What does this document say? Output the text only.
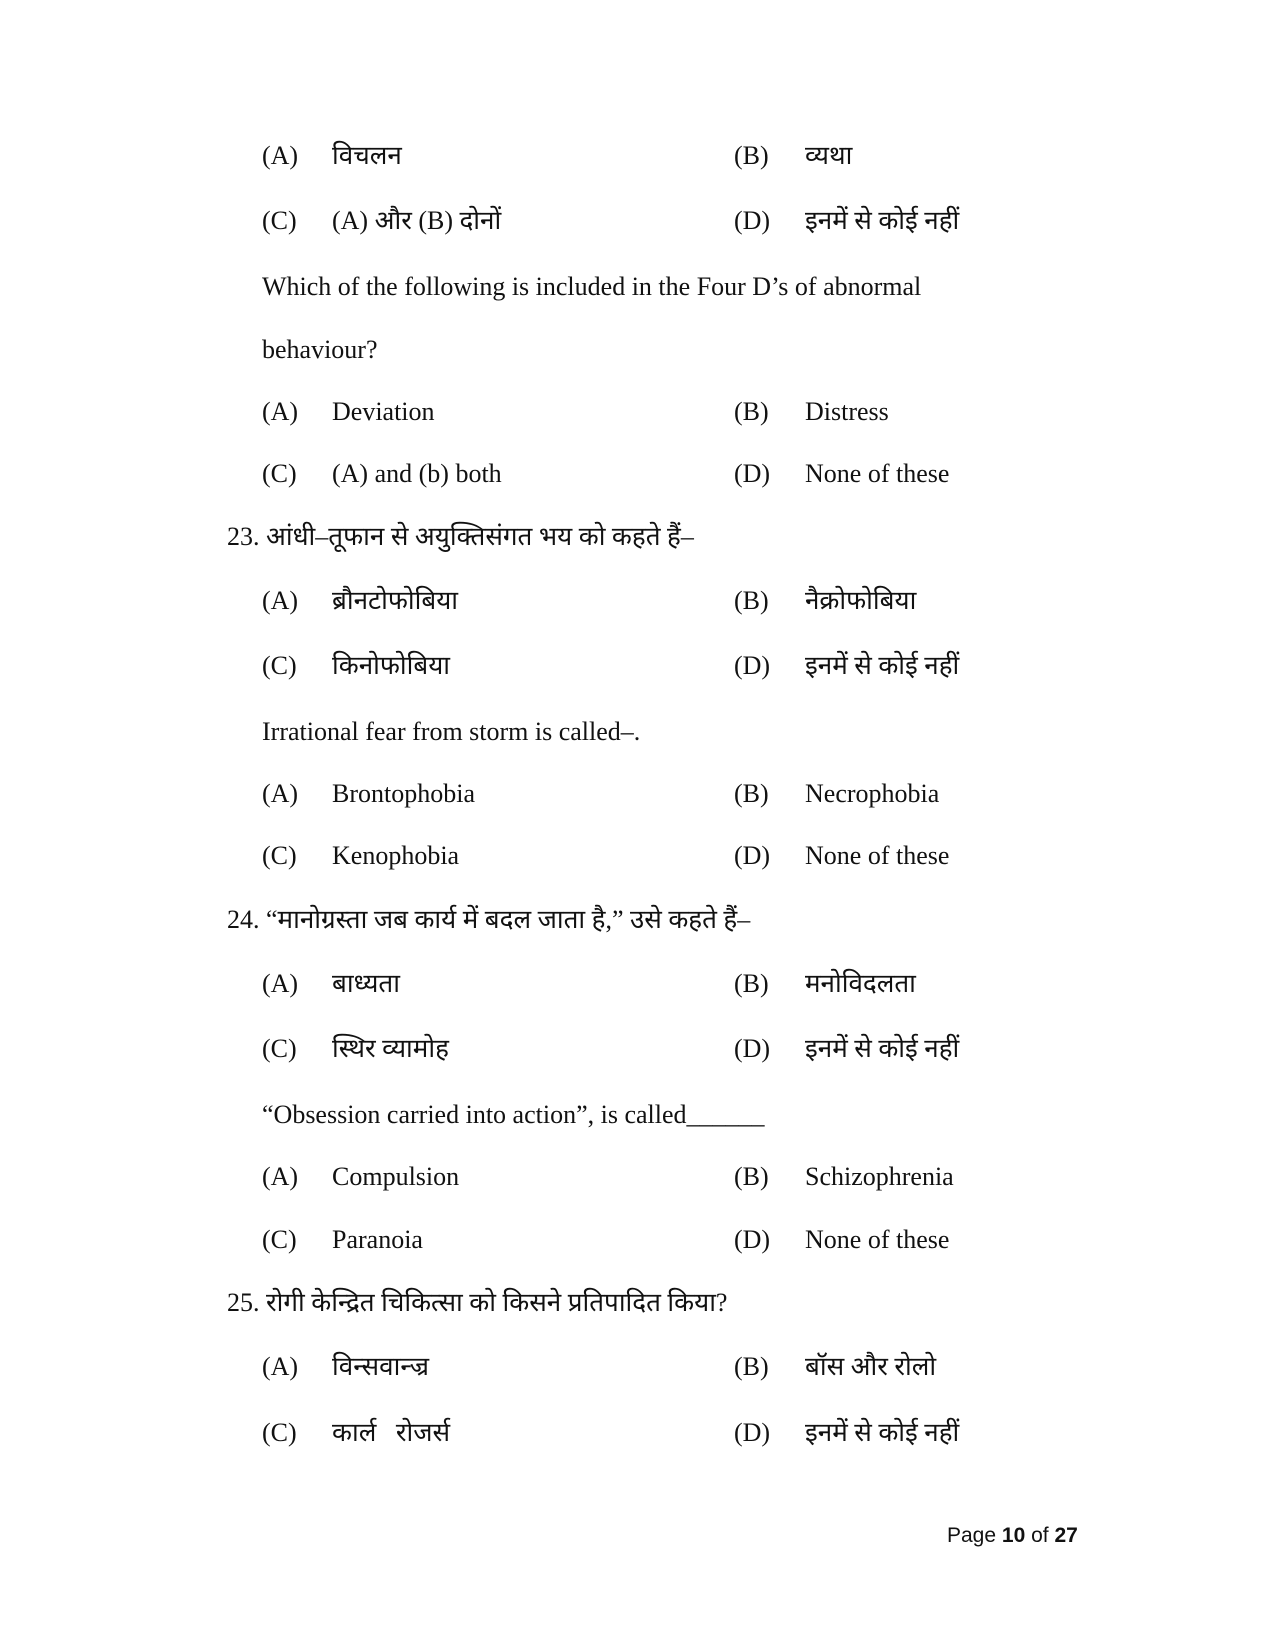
(A) विचलन	(B) व्यथा
(C) (A) और (B) दोनों	(D) इनमें से कोई नहीं
Which of the following is included in the Four D’s of abnormal
behaviour?
(A) Deviation	(B) Distress
(C) (A) and (b) both	(D) None of these
23. आंधी–तूफान से अयुक्तिसंगत भय को कहते हैं–
(A) ब्रौनटोफोबिया	(B) नैक्रोफोबिया
(C) किनोफोबिया	(D) इनमें से कोई नहीं
Irrational fear from storm is called–.
(A) Brontophobia	(B) Necrophobia
(C) Kenophobia	(D) None of these
24. “मानोग्रस्ता जब कार्य में बदल जाता है,” उसे कहते हैं–
(A) बाध्यता	(B) मनोविदलता
(C) स्थिर व्यामोह	(D) इनमें से कोई नहीं
“Obsession carried into action”, is called______
(A) Compulsion	(B) Schizophrenia
(C) Paranoia	(D) None of these
25. रोगी केन्द्रित चिकित्सा को किसने प्रतिपादित किया?
(A) विन्सवान्ज्र	(B) बॉस और रोलो
(C) कार्ल   रोजर्स	(D) इनमें से कोई नहीं
Page 10 of 27
